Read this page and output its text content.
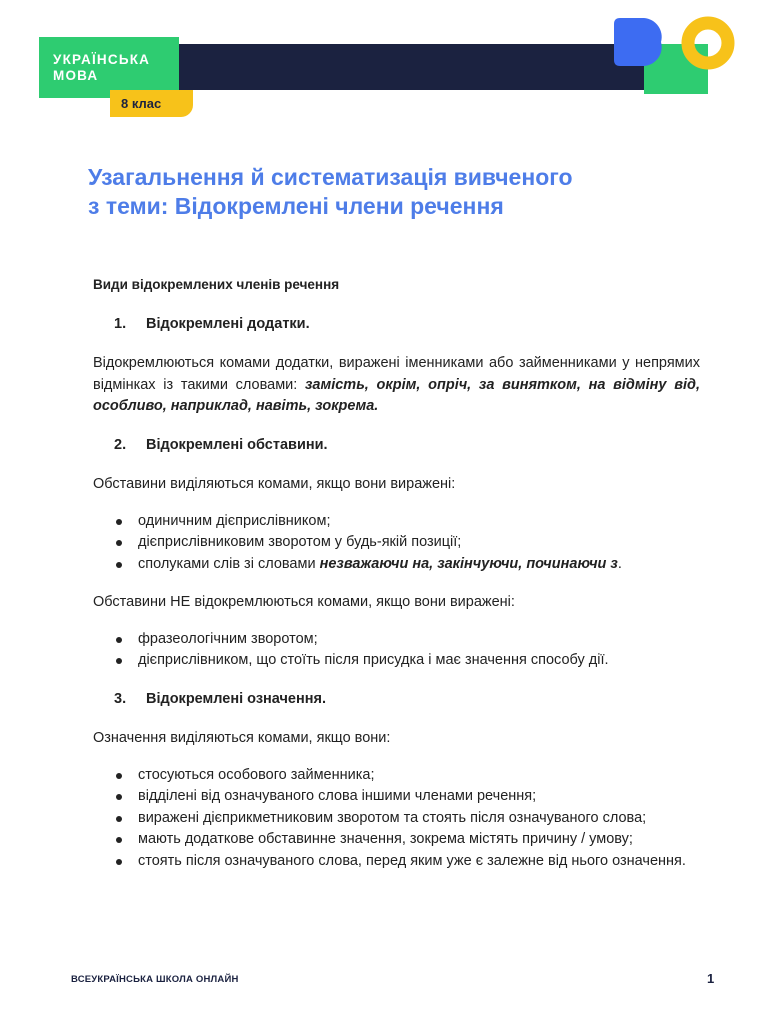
УКРАЇНСЬКА
МОВА
8 клас
Узагальнення й систематизація вивченого
з теми: Відокремлені члени речення

Види відокремлених членів речення

1. Відокремлені додатки.

Відокремлюються комами додатки, виражені іменниками або займенниками у непрямих відмінках із такими словами: замість, окрім, опріч, за винятком, на відміну від, особливо, наприклад, навіть, зокрема.

2. Відокремлені обставини.

Обставини виділяються комами, якщо вони виражені:

одиничним дієприслівником;
дієприслівниковим зворотом у будь-якій позиції;
сполуками слів зі словами незважаючи на, закінчуючи, починаючи з.

Обставини НЕ відокремлюються комами, якщо вони виражені:

фразеологічним зворотом;
дієприслівником, що стоїть після присудка і має значення способу дії.

3. Відокремлені означення.

Означення виділяються комами, якщо вони:

стосуються особового займенника;
відділені від означуваного слова іншими членами речення;
виражені дієприкметниковим зворотом та стоять після означуваного слова;
мають додаткове обставинне значення, зокрема містять причину / умову;
стоять після означуваного слова, перед яким уже є залежне від нього означення.
ВСЕУКРАЇНСЬКА ШКОЛА ОНЛАЙН	1
